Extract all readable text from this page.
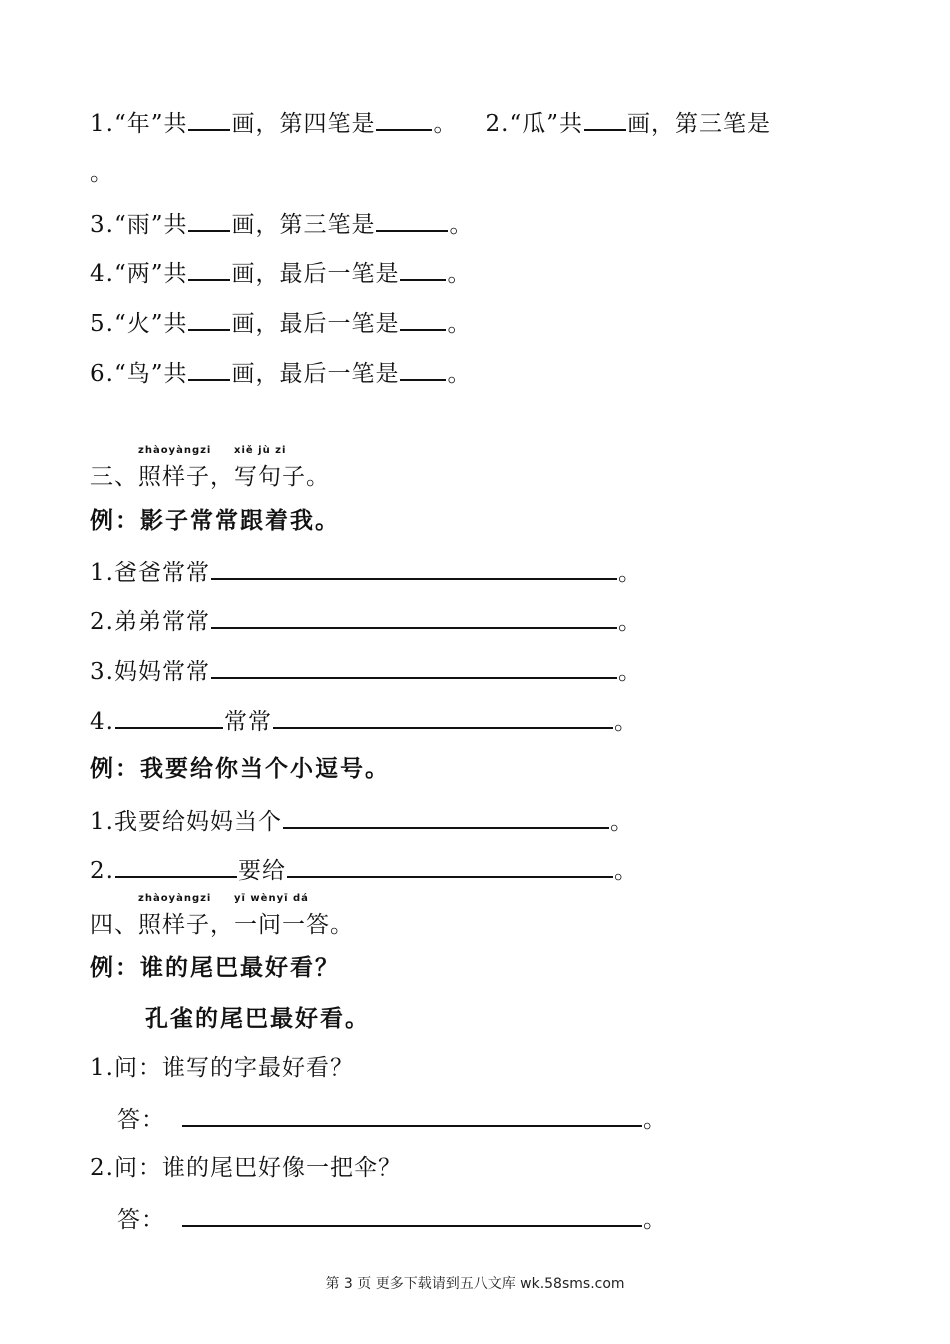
1.“年”共 画，第四笔是	。 2.“瓜”共 画，第三笔是
。
3.“雨”共 画，第三笔是	。
4.“两”共 画，最后一笔是 。
5.“火”共 画，最后一笔是 。
6.“鸟”共 画，最后一笔是 。
三、
zhàoyàngzi
照样子，
xiě jù zi
写句子。
例：影子常常跟着我。
1.爸爸常常	。
2.弟弟常常	。
3.妈妈常常	。
4.	常常	。
例：我要给你当个小逗号。
1.我要给妈妈当个	。
2.	要给	。
四、
zhàoyàngzi
照样子，
yī wènyī dá
一问一答。
例：谁的尾巴最好看？
孔雀的尾巴最好看。
1.问：谁写的字最好看？
答：	。
2.问：谁的尾巴好像一把伞？
答：	。
第 3 页 更多下载请到五八文库 wk.58sms.com
